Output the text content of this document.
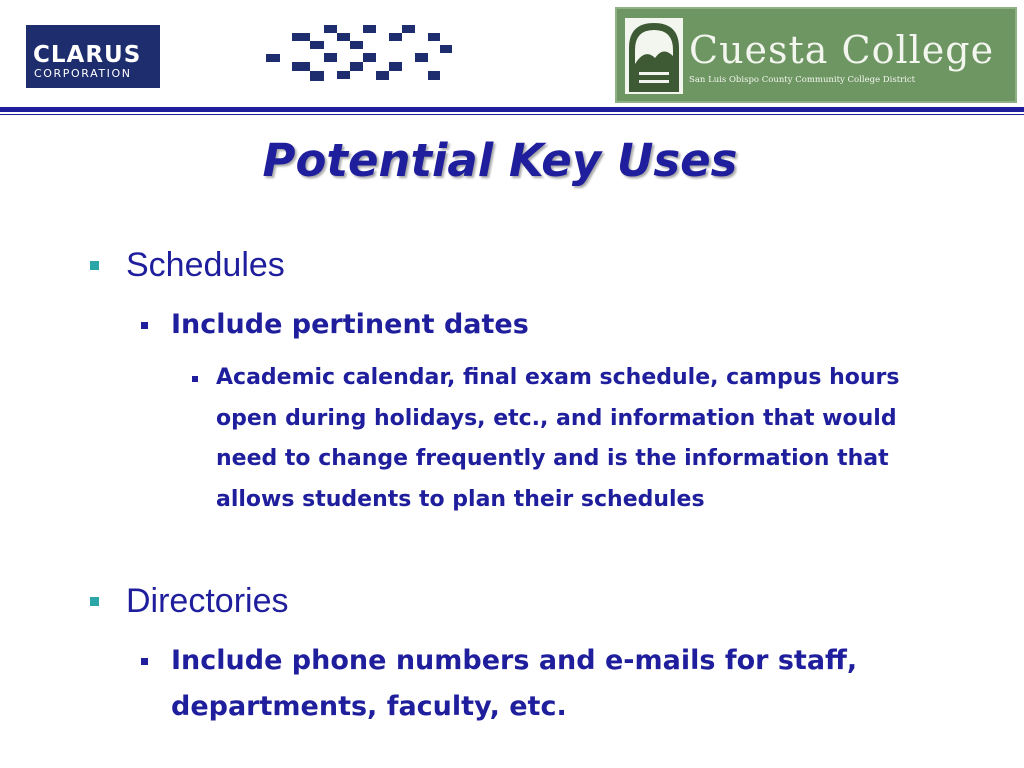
CLARUS
CORPORATION
Cuesta College
San Luis Obispo County Community College District
Potential Key Uses
Schedules
Include pertinent dates
Academic calendar, final exam schedule, campus hours open during holidays, etc., and information that would need to change frequently and is the information that allows students to plan their schedules
Directories
Include phone numbers and e-mails for staff, departments, faculty, etc.
